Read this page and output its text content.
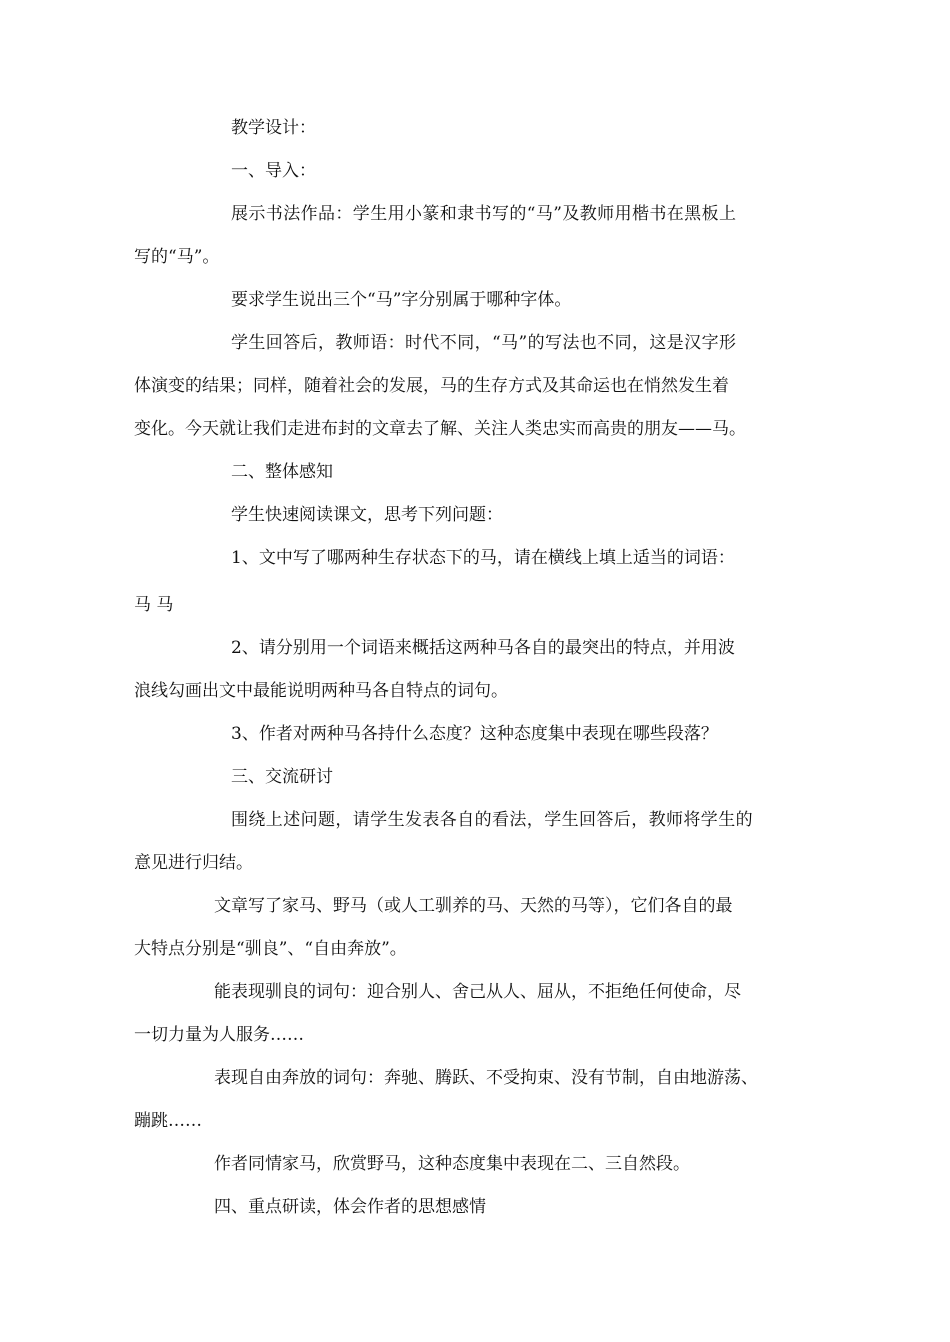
教学设计：
一、导入：
展示书法作品：学生用小篆和隶书写的“马”及教师用楷书在黑板上
写的“马”。
要求学生说出三个“马”字分别属于哪种字体。
学生回答后，教师语：时代不同，“马”的写法也不同，这是汉字形
体演变的结果；同样，随着社会的发展，马的生存方式及其命运也在悄然发生着
变化。今天就让我们走进布封的文章去了解、关注人类忠实而高贵的朋友——马。
二、整体感知
学生快速阅读课文，思考下列问题：
1、文中写了哪两种生存状态下的马，请在横线上填上适当的词语：
马 马
2、请分别用一个词语来概括这两种马各自的最突出的特点，并用波
浪线勾画出文中最能说明两种马各自特点的词句。
3、作者对两种马各持什么态度？这种态度集中表现在哪些段落？
三、交流研讨
围绕上述问题，请学生发表各自的看法，学生回答后，教师将学生的
意见进行归结。
文章写了家马、野马（或人工驯养的马、天然的马等），它们各自的最
大特点分别是“驯良”、“自由奔放”。
能表现驯良的词句：迎合别人、舍己从人、屈从，不拒绝任何使命，尽
一切力量为人服务……
表现自由奔放的词句：奔驰、腾跃、不受拘束、没有节制，自由地游荡、
蹦跳……
作者同情家马，欣赏野马，这种态度集中表现在二、三自然段。
四、重点研读，体会作者的思想感情
